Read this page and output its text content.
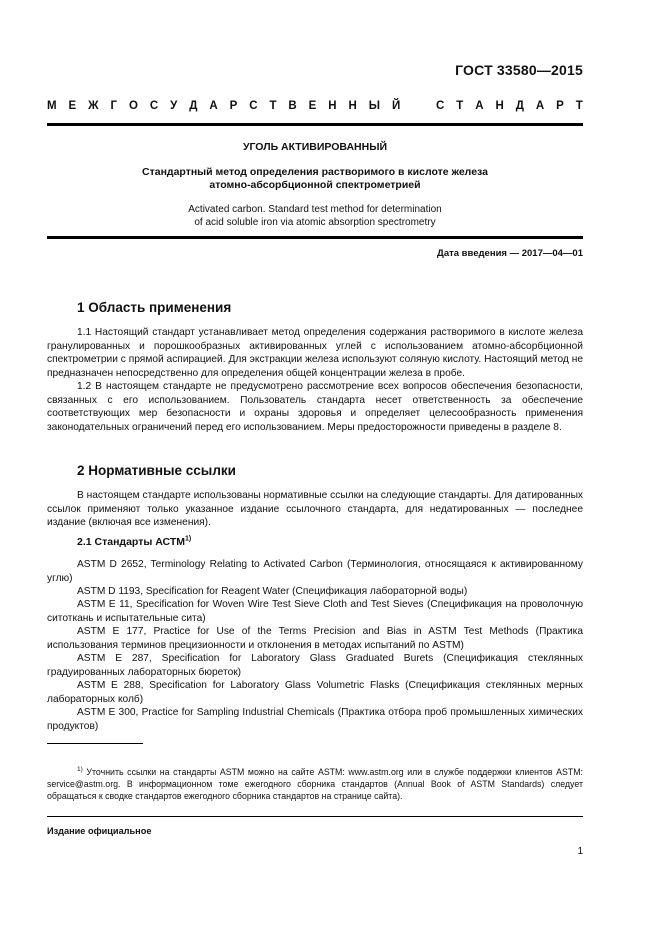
ГОСТ 33580—2015
М Е Ж Г О С У Д А Р С Т В Е Н Н Ы Й	С Т А Н Д А Р Т
УГОЛЬ АКТИВИРОВАННЫЙ
Стандартный метод определения растворимого в кислоте железа
атомно-абсорбционной спектрометрией
Activated carbon. Standard test method for determination
of acid soluble iron via atomic absorption spectrometry
Дата введения — 2017—04—01
1 Область применения
1.1 Настоящий стандарт устанавливает метод определения содержания растворимого в кислоте железа гранулированных и порошкообразных активированных углей с использованием атомно-абсорбционной спектрометрии с прямой аспирацией. Для экстракции железа используют соляную кислоту. Настоящий метод не предназначен непосредственно для определения общей концентрации железа в пробе.
1.2 В настоящем стандарте не предусмотрено рассмотрение всех вопросов обеспечения безопасности, связанных с его использованием. Пользователь стандарта несет ответственность за обеспечение соответствующих мер безопасности и охраны здоровья и определяет целесообразность применения законодательных ограничений перед его использованием. Меры предосторожности приведены в разделе 8.
2 Нормативные ссылки
В настоящем стандарте использованы нормативные ссылки на следующие стандарты. Для датированных ссылок применяют только указанное издание ссылочного стандарта, для недатированных — последнее издание (включая все изменения).
2.1 Стандарты АСТМ$^{1)}$
ASTM D 2652, Terminology Relating to Activated Carbon (Терминология, относящаяся к активированному углю)
ASTM D 1193, Specification for Reagent Water (Спецификация лабораторной воды)
ASTM E 11, Specification for Woven Wire Test Sieve Cloth and Test Sieves (Спецификация на проволочную ситоткань и испытательные сита)
ASTM E 177, Practice for Use of the Terms Precision and Bias in ASTM Test Methods (Практика использования терминов прецизионности и отклонения в методах испытаний по ASTM)
ASTM E 287, Specification for Laboratory Glass Graduated Burets (Спецификация стеклянных градуированных лабораторных бюреток)
ASTM E 288, Specification for Laboratory Glass Volumetric Flasks (Спецификация стеклянных мерных лабораторных колб)
ASTM E 300, Practice for Sampling Industrial Chemicals (Практика отбора проб промышленных химических продуктов)
$^{1)}$ Уточнить ссылки на стандарты ASTM можно на сайте ASTM: www.astm.org или в службе поддержки клиентов ASTM: service@astm.org. В информационном томе ежегодного сборника стандартов (Annual Book of ASTM Standards) следует обращаться к сводке стандартов ежегодного сборника стандартов на странице сайта).
Издание официальное
1
